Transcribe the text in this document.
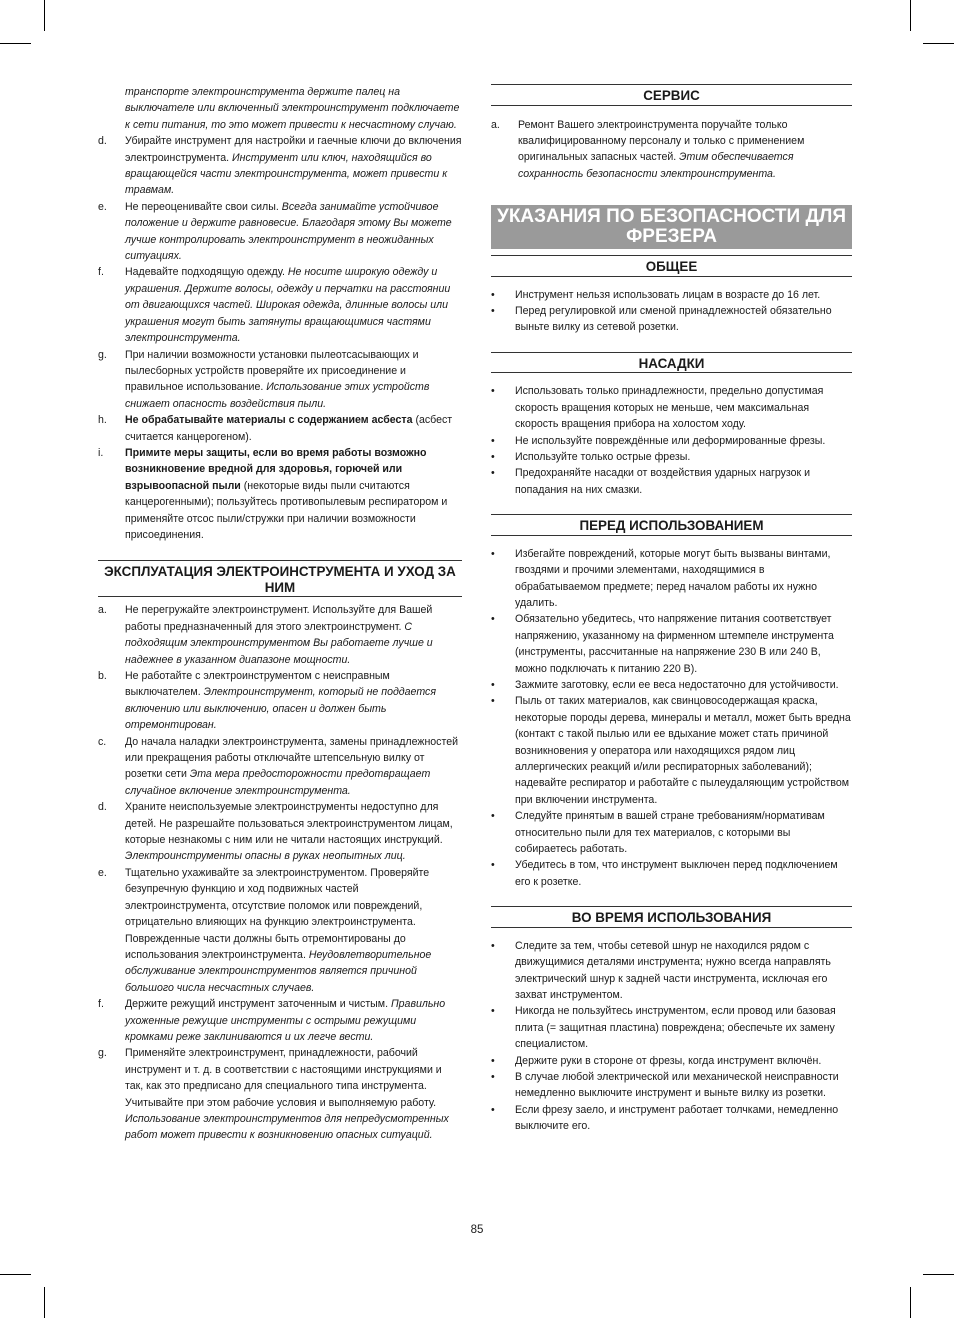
транспорте электроинструмента держите палец на выключателе или включенный электроинструмент подключаете к сети питания, то это может привести к несчастному случаю.

d. Убирайте инструмент для настройки и гаечные ключи до включения электроинструмента. Инструмент или ключ, находящийся во вращающейся части электроинструмента, может привести к травмам.

e. Не переоценивайте свои силы. Всегда занимайте устойчивое положение и держите равновесие. Благодаря этому Вы можете лучше контролировать электроинструмент в неожиданных ситуациях.

f. Надевайте подходящую одежду. Не носите широкую одежду и украшения. Держите волосы, одежду и перчатки на расстоянии от двигающихся частей. Широкая одежда, длинные волосы или украшения могут быть затянуты вращающимися частями электроинструмента.

g. При наличии возможности установки пылеотсасывающих и пылесборных устройств проверяйте их присоединение и правильное использование. Использование этих устройств снижает опасность воздействия пыли.

h. Не обрабатывайте материалы с содержанием асбеста (асбест считается канцерогеном).

i. Примите меры защиты, если во время работы возможно возникновение вредной для здоровья, горючей или взрывоопасной пыли (некоторые виды пыли считаются канцерогенными); пользуйтесь противопылевым респиратором и применяйте отсос пыли/стружки при наличии возможности присоединения.

ЭКСПЛУАТАЦИЯ ЭЛЕКТРОИНСТРУМЕНТА И УХОД ЗА НИМ

a. Не перегружайте электроинструмент. Используйте для Вашей работы предназначенный для этого электроинструмент. С подходящим электроинструментом Вы работаете лучше и надежнее в указанном диапазоне мощности.

b. Не работайте с электроинструментом с неисправным выключателем. Электроинструмент, который не поддается включению или выключению, опасен и должен быть отремонтирован.

c. До начала наладки электроинструмента, замены принадлежностей или прекращения работы отключайте штепсельную вилку от розетки сети Эта мера предосторожности предотвращает случайное включение электроинструмента.

d. Храните неиспользуемые электроинструменты недоступно для детей. Не разрешайте пользоваться электроинструментом лицам, которые незнакомы с ним или не читали настоящих инструкций. Электроинструменты опасны в руках неопытных лиц.

e. Тщательно ухаживайте за электроинструментом. Проверяйте безупречную функцию и ход подвижных частей электроинструмента, отсутствие поломок или повреждений, отрицательно влияющих на функцию электроинструмента. Поврежденные части должны быть отремонтированы до использования электроинструмента. Неудовлетворительное обслуживание электроинструментов является причиной большого числа несчастных случаев.

f. Держите режущий инструмент заточенным и чистым. Правильно ухоженные режущие инструменты с острыми режущими кромками реже заклиниваются и их легче вести.

g. Применяйте электроинструмент, принадлежности, рабочий инструмент и т. д. в соответствии с настоящими инструкциями и так, как это предписано для специального типа инструмента. Учитывайте при этом рабочие условия и выполняемую работу. Использование электроинструментов для непредусмотренных работ может привести к возникновению опасных ситуаций.

СЕРВИС

a. Ремонт Вашего электроинструмента поручайте только квалифицированному персоналу и только с применением оригинальных запасных частей. Этим обеспечивается сохранность безопасности электроинструмента.

УКАЗАНИЯ ПО БЕЗОПАСНОСТИ ДЛЯ ФРЕЗЕРА
ОБЩЕЕ

• Инструмент нельзя использовать лицам в возрасте до 16 лет.

• Перед регулировкой или сменой принадлежностей обязательно выньте вилку из сетевой розетки.

НАСАДКИ

• Использовать только принадлежности, предельно допустимая скорость вращения которых не меньше, чем максимальная скорость вращения прибора на холостом ходу.

• Не используйте повреждённые или деформированные фрезы.

• Используйте только острые фрезы.

• Предохраняйте насадки от воздействия ударных нагрузок и попадания на них смазки.

ПЕРЕД ИСПОЛЬЗОВАНИЕМ

• Избегайте повреждений, которые могут быть вызваны винтами, гвоздями и прочими элементами, находящимися в обрабатываемом предмете; перед началом работы их нужно удалить.

• Обязательно убедитесь, что напряжение питания соответствует напряжению, указанному на фирменном штемпеле инструмента (инструменты, рассчитанные на напряжение 230 В или 240 В, можно подключать к питанию 220 В).

• Зажмите заготовку, если ее веса недостаточно для устойчивости.

• Пыль от таких материалов, как свинцовосодержащая краска, некоторые породы дерева, минералы и металл, может быть вредна (контакт с такой пылью или ее вдыхание может стать причиной возникновения у оператора или находящихся рядом лиц аллергических реакций и/или респираторных заболеваний); надевайте респиратор и работайте с пылеудаляющим устройством при включении инструмента.

• Следуйте принятым в вашей стране требованиям/нормативам относительно пыли для тех материалов, с которыми вы собираетесь работать.

• Убедитесь в том, что инструмент выключен перед подключением его к розетке.

ВО ВРЕМЯ ИСПОЛЬЗОВАНИЯ

• Следите за тем, чтобы сетевой шнур не находился рядом с движущимися деталями инструмента; нужно всегда направлять электрический шнур к задней части инструмента, исключая его захват инструментом.

• Никогда не пользуйтесь инструментом, если провод или базовая плита (= защитная пластина) повреждена; обеспечьте их замену специалистом.

• Держите руки в стороне от фрезы, когда инструмент включён.

• В случае любой электрической или механической неисправности немедленно выключите инструмент и выньте вилку из розетки.

• Если фрезу заело, и инструмент работает толчками, немедленно выключите его.

85
